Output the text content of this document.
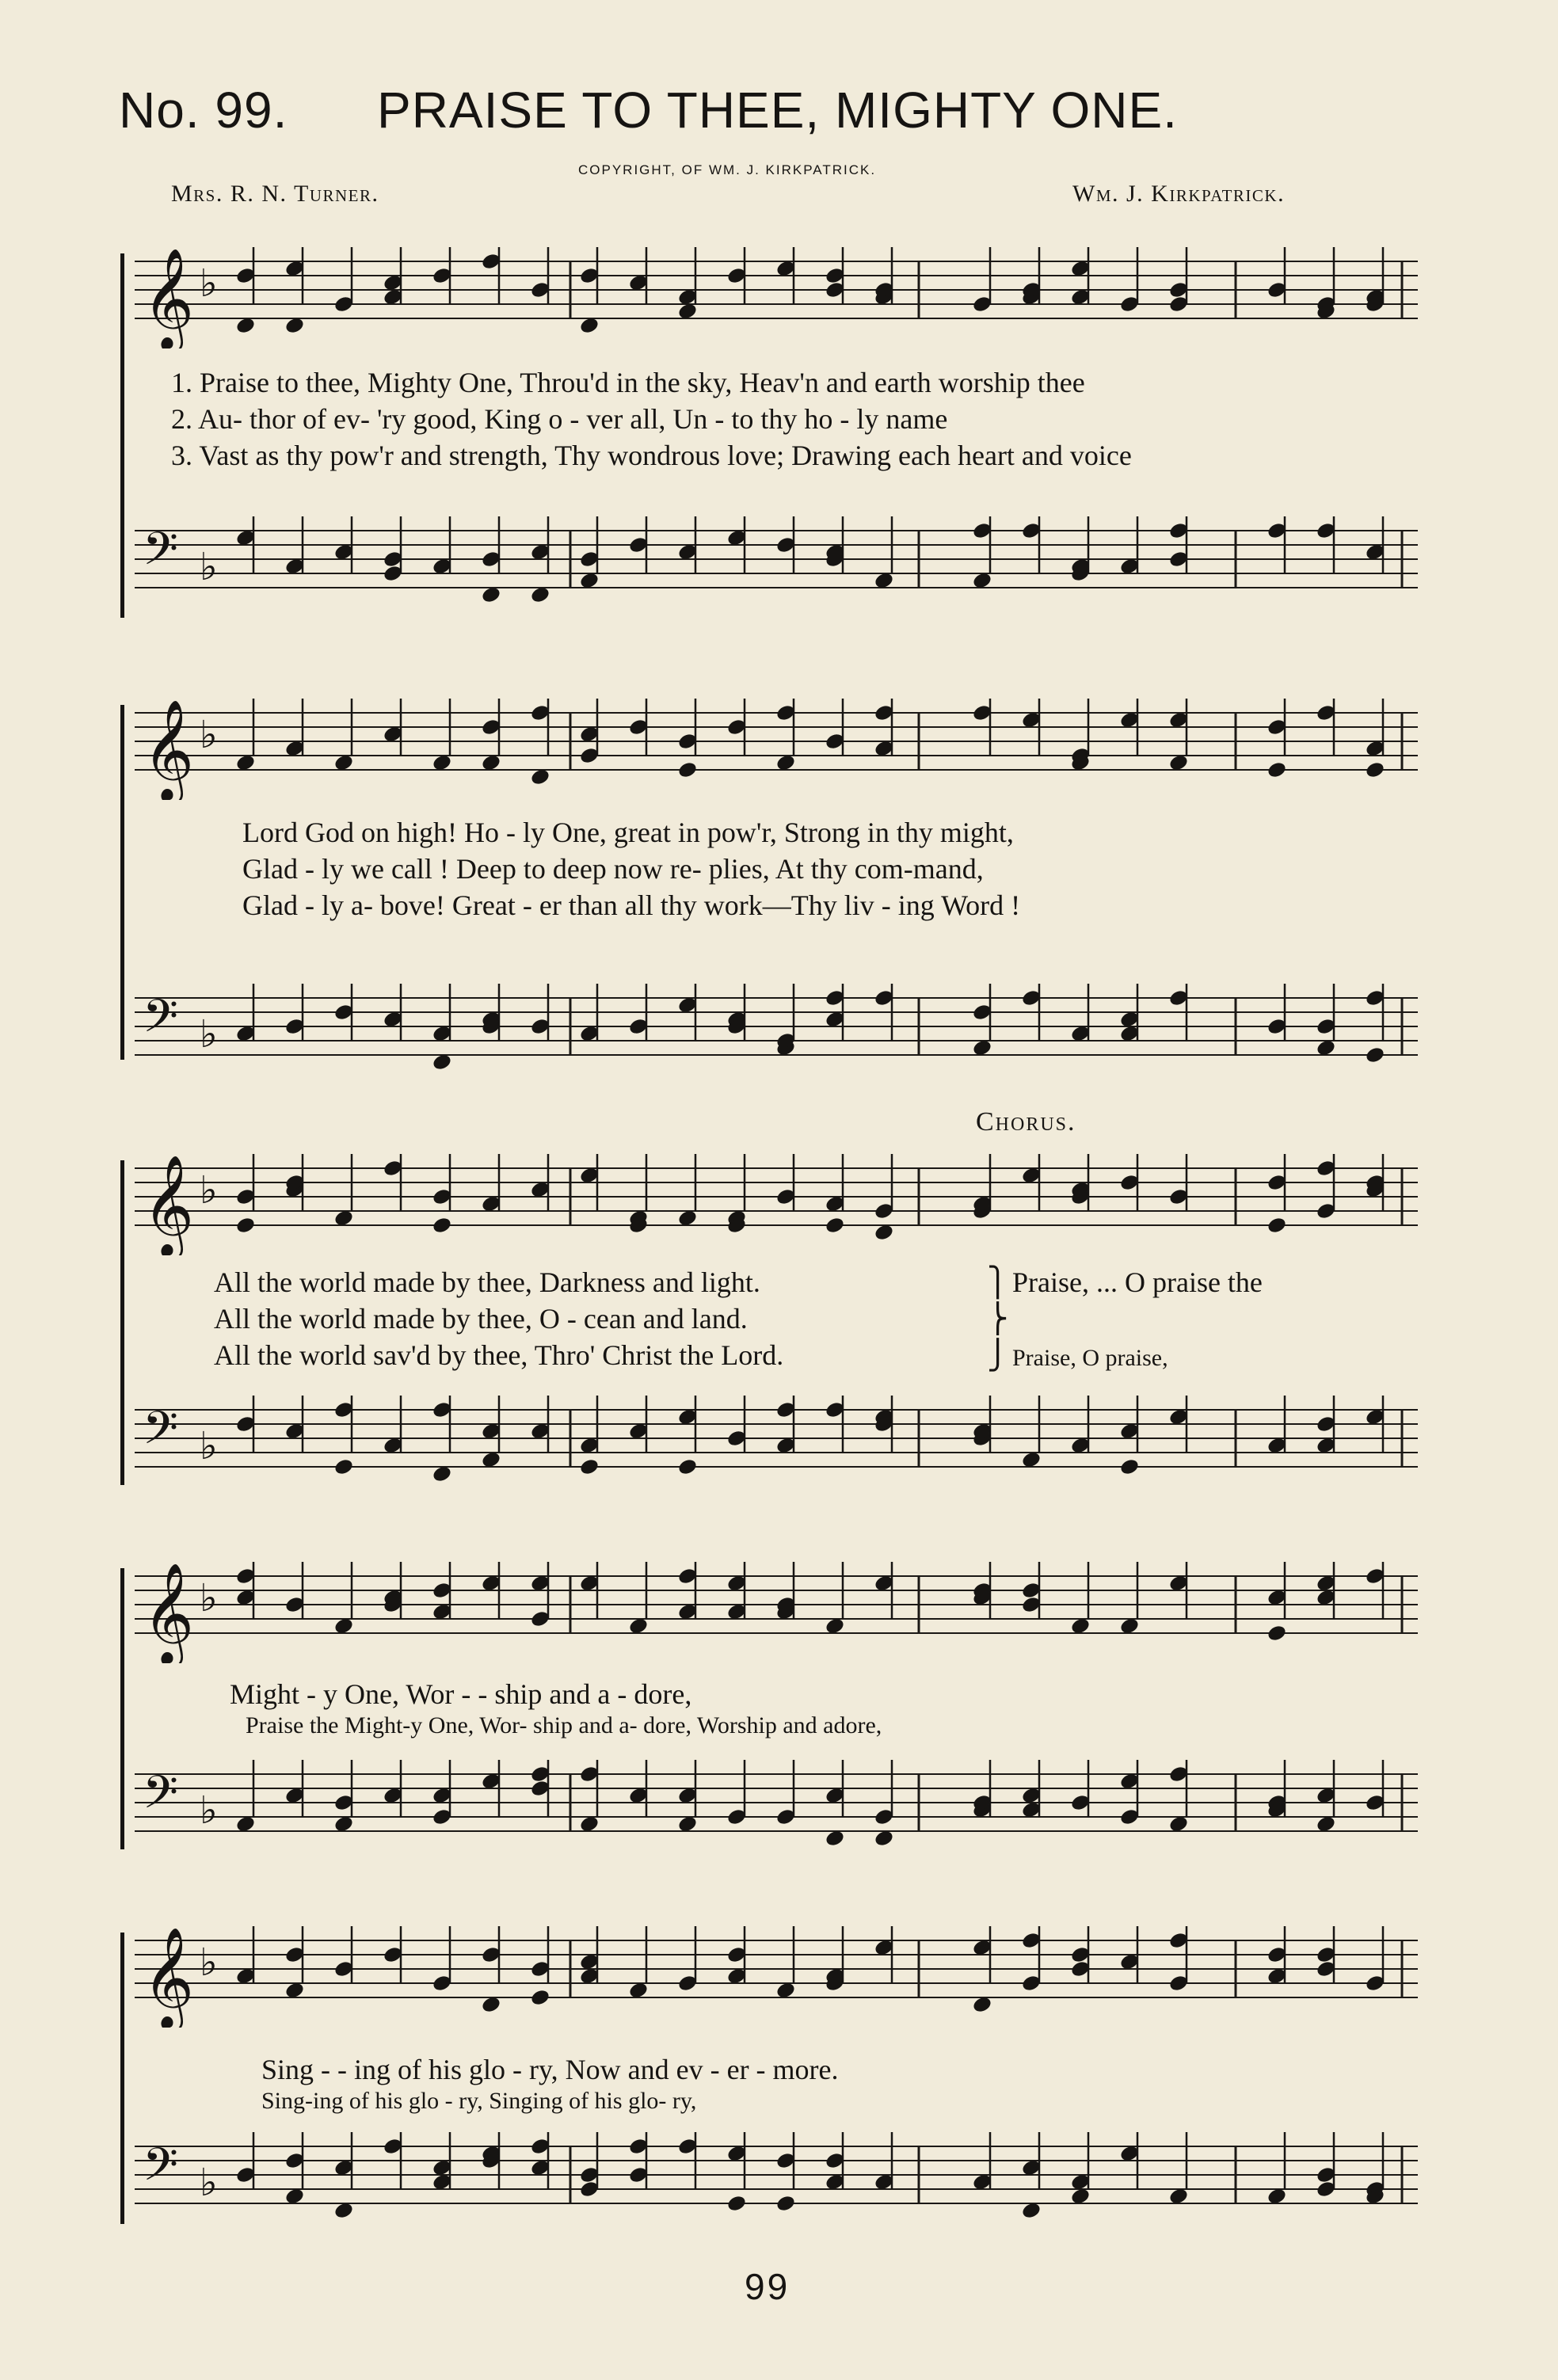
No. 99. PRAISE TO THEE, MIGHTY ONE.
COPYRIGHT, OF WM. J. KIRKPATRICK.
Mrs. R. N. Turner.	Wm. J. Kirkpatrick.
𝄞 ♭
1. Praise to thee, Mighty One, Throu'd in the sky, Heav'n and earth worship thee
2. Au- thor of ev- 'ry good, King o - ver all, Un - to thy ho - ly name
3. Vast as thy pow'r and strength, Thy wondrous love; Drawing each heart and voice
𝄢 ♭
𝄞 ♭
Lord God on high! Ho - ly One, great in pow'r, Strong in thy might,
Glad - ly we call ! Deep to deep now re- plies, At thy com-mand,
Glad - ly a- bove! Great - er than all thy work—Thy liv - ing Word !
𝄢 ♭
Chorus.
𝄞 ♭
All the world made by thee, Darkness and light.
All the world made by thee, O - cean and land.
All the world sav'd by thee, Thro' Christ the Lord.
⎫
⎬
⎭
Praise, ... O praise the
Praise, O praise,
𝄢 ♭
𝄞 ♭
Might - y One, Wor - - ship and a - dore,
Praise the Might-y One, Wor- ship and a- dore, Worship and adore,
𝄢 ♭
𝄞 ♭
Sing - - ing of his glo - ry, Now and ev - er - more.
Sing-ing of his glo - ry, Singing of his glo- ry,
𝄢 ♭
99
